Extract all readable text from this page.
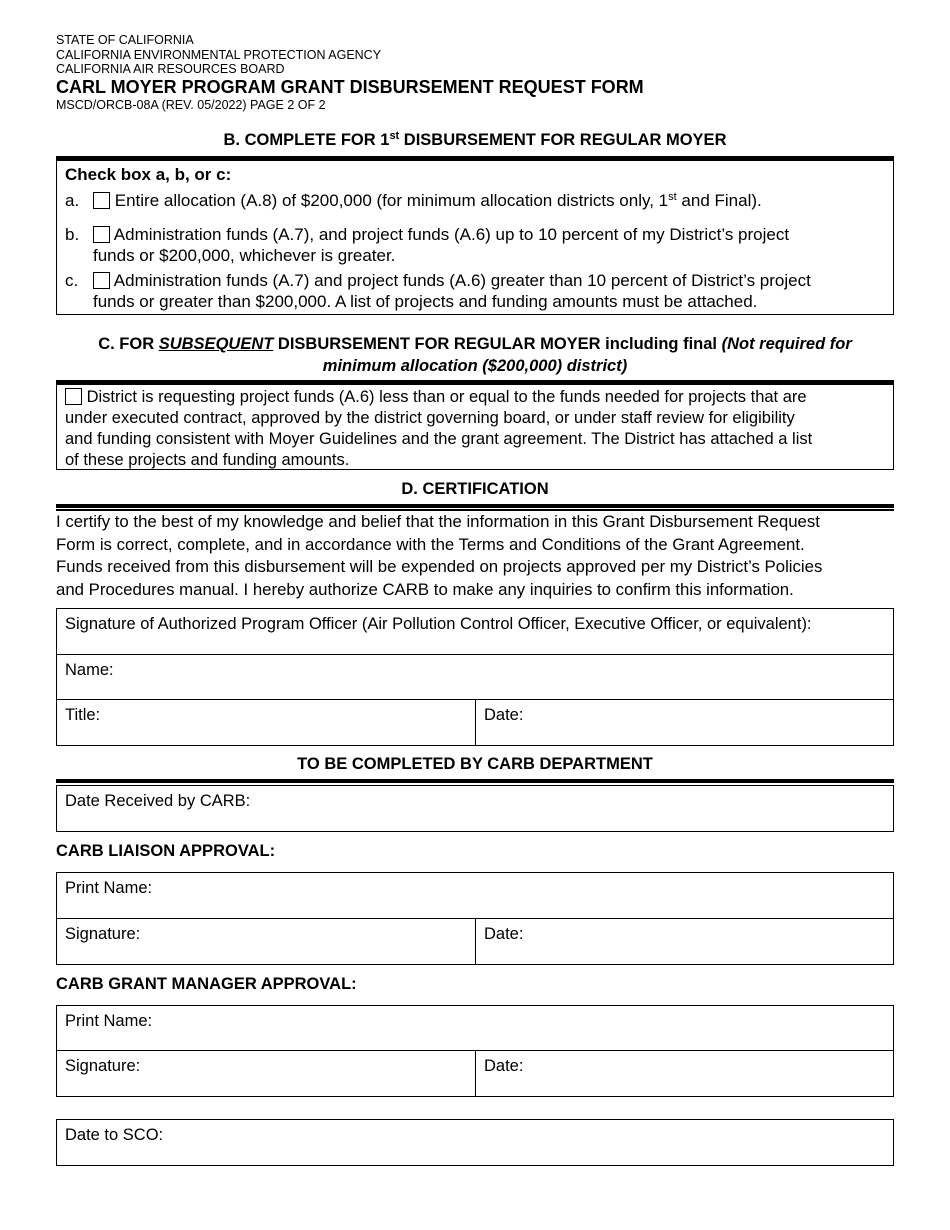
STATE OF CALIFORNIA
CALIFORNIA ENVIRONMENTAL PROTECTION AGENCY
CALIFORNIA AIR RESOURCES BOARD
CARL MOYER PROGRAM GRANT DISBURSEMENT REQUEST FORM
MSCD/ORCB-08A (REV. 05/2022) PAGE 2 OF 2
B. COMPLETE FOR 1st DISBURSEMENT FOR REGULAR MOYER
Check box a, b, or c:
a.	Entire allocation (A.8) of $200,000 (for minimum allocation districts only, 1st and Final).
b.	Administration funds (A.7), and project funds (A.6) up to 10 percent of my District’s project
funds or $200,000, whichever is greater.
c.	Administration funds (A.7) and project funds (A.6) greater than 10 percent of District’s project
funds or greater than $200,000. A list of projects and funding amounts must be attached.
C. FOR SUBSEQUENT DISBURSEMENT FOR REGULAR MOYER including final (Not required for
minimum allocation ($200,000) district)
District is requesting project funds (A.6) less than or equal to the funds needed for projects that are
under executed contract, approved by the district governing board, or under staff review for eligibility
and funding consistent with Moyer Guidelines and the grant agreement. The District has attached a list
of these projects and funding amounts.
D. CERTIFICATION
I certify to the best of my knowledge and belief that the information in this Grant Disbursement Request
Form is correct, complete, and in accordance with the Terms and Conditions of the Grant Agreement.
Funds received from this disbursement will be expended on projects approved per my District’s Policies
and Procedures manual. I hereby authorize CARB to make any inquiries to confirm this information.
Signature of Authorized Program Officer (Air Pollution Control Officer, Executive Officer, or equivalent):
Name:
Title:	Date:
TO BE COMPLETED BY CARB DEPARTMENT
Date Received by CARB:
CARB LIAISON APPROVAL:
Print Name:
Signature:	Date:
CARB GRANT MANAGER APPROVAL:
Print Name:
Signature:	Date:
Date to SCO:
